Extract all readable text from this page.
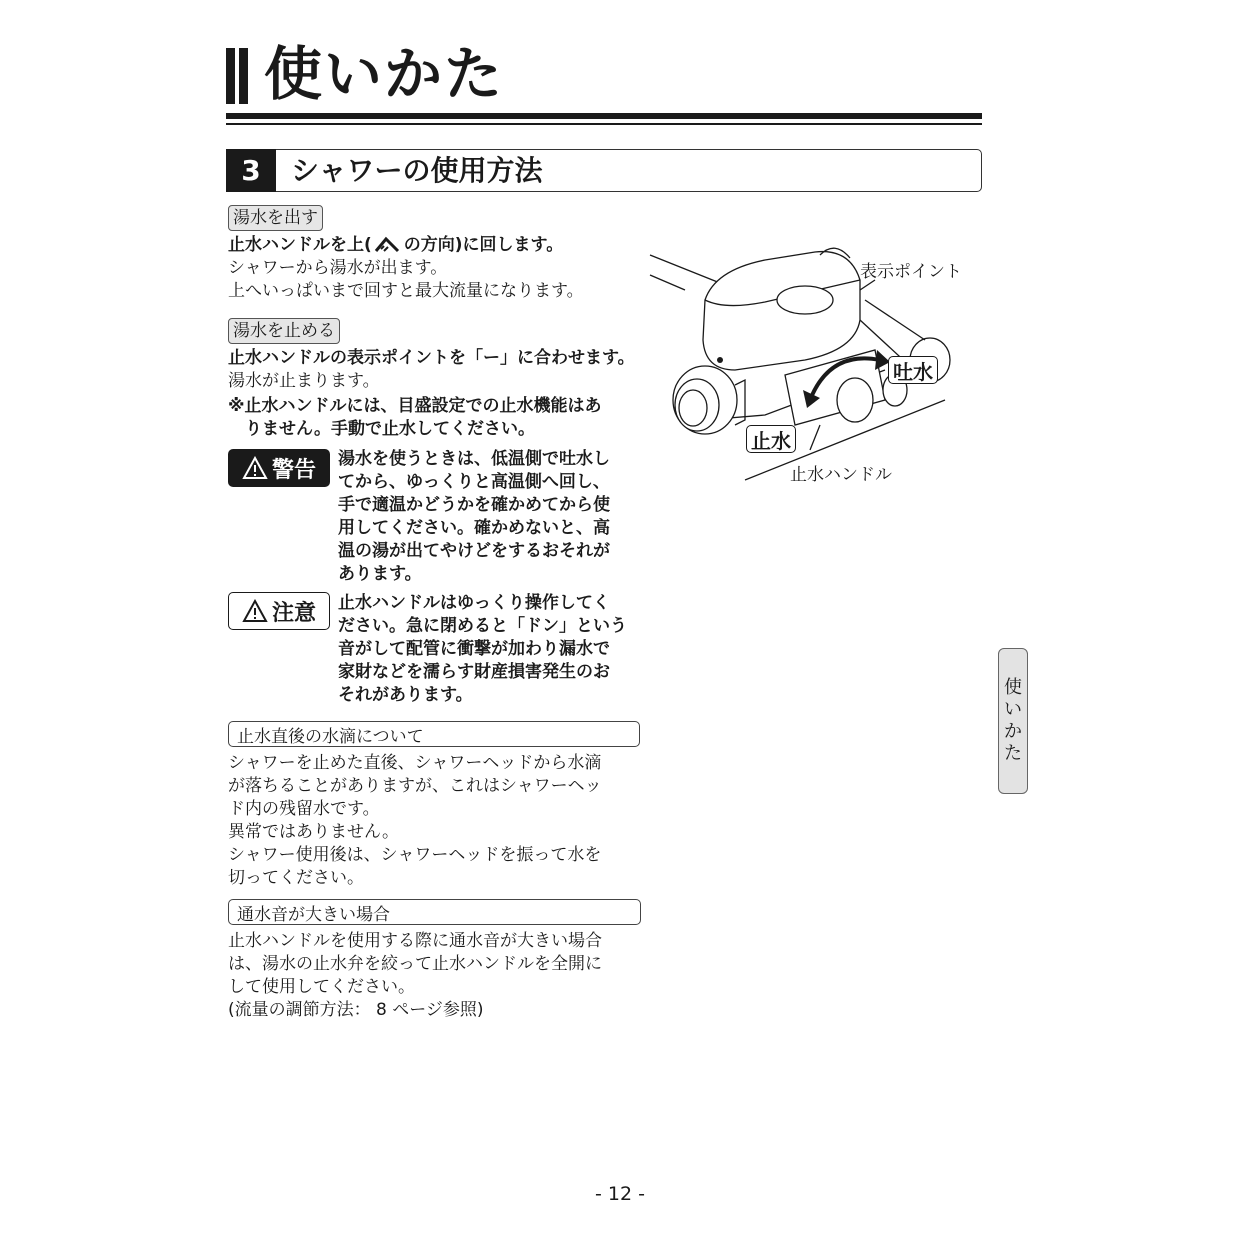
使いかた
3	シャワーの使用方法
湯水を出す
止水ハンドルを上( の方向)に回します。
シャワーから湯水が出ます。
上へいっぱいまで回すと最大流量になります。
湯水を止める
止水ハンドルの表示ポイントを「ー」に合わせます。
湯水が止まります。
※止水ハンドルには、目盛設定での止水機能はあ
　りません。手動で止水してください。
警告 湯水を使うときは、低温側で吐水し
てから、ゆっくりと高温側へ回し、
手で適温かどうかを確かめてから使
用してください。確かめないと、高
温の湯が出てやけどをするおそれが
あります。
注意 止水ハンドルはゆっくり操作してく
ださい。急に閉めると「ドン」という
音がして配管に衝撃が加わり漏水で
家財などを濡らす財産損害発生のお
それがあります。
止水直後の水滴について
シャワーを止めた直後、シャワーヘッドから水滴
が落ちることがありますが、これはシャワーヘッ
ド内の残留水です。
異常ではありません。
シャワー使用後は、シャワーヘッドを振って水を
切ってください。
通水音が大きい場合
止水ハンドルを使用する際に通水音が大きい場合
は、湯水の止水弁を絞って止水ハンドルを全開に
して使用してください。
(流量の調節方法： 8 ページ参照)
表示ポイント
吐水
止水
止水ハンドル
使
い
か
た
- 12 -
